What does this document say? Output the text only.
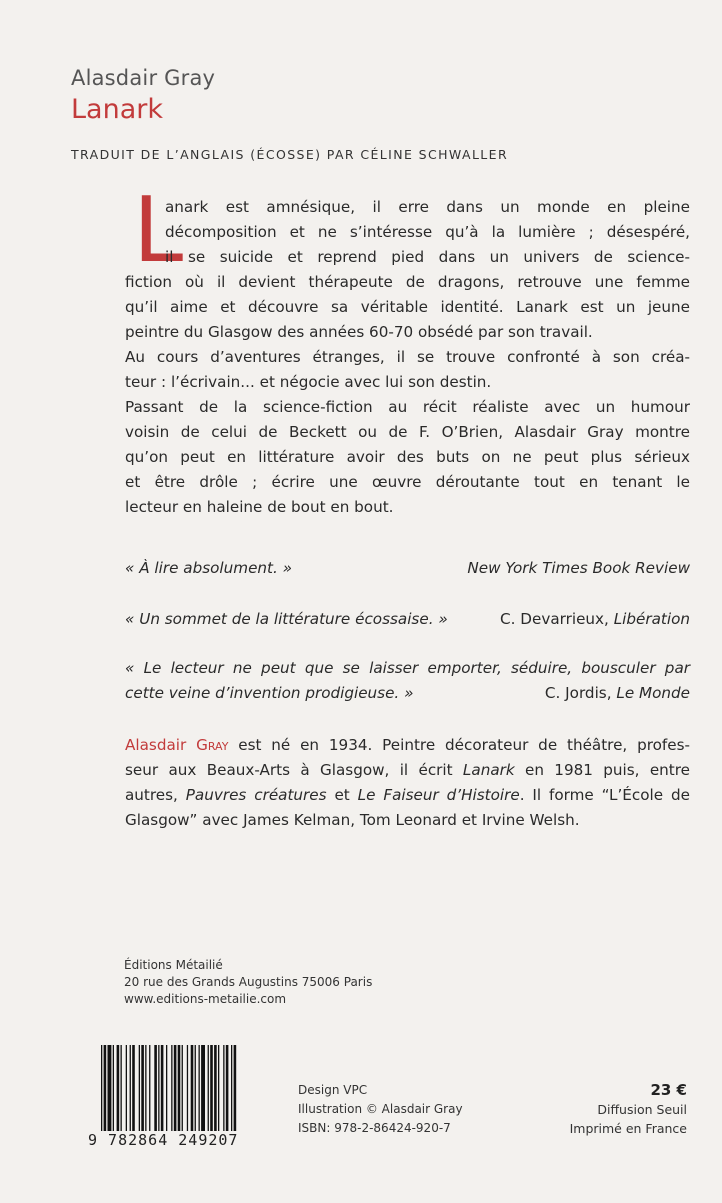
Alasdair Gray
Lanark
TRADUIT DE L’ANGLAIS (ÉCOSSE) PAR CÉLINE SCHWALLER
L
anark est amnésique, il erre dans un monde en pleine
décomposition et ne s’intéresse qu’à la lumière ; désespéré,
il se suicide et reprend pied dans un univers de science-
fiction où il devient thérapeute de dragons, retrouve une femme
qu’il aime et découvre sa véritable identité. Lanark est un jeune
peintre du Glasgow des années 60-70 obsédé par son travail.
Au cours d’aventures étranges, il se trouve confronté à son créa-
teur : l’écrivain... et négocie avec lui son destin.
Passant de la science-fiction au récit réaliste avec un humour
voisin de celui de Beckett ou de F. O’Brien, Alasdair Gray montre
qu’on peut en littérature avoir des buts on ne peut plus sérieux
et être drôle ; écrire une œuvre déroutante tout en tenant le
lecteur en haleine de bout en bout.
« À lire absolument. »	New York Times Book Review
« Un sommet de la littérature écossaise. »	C. Devarrieux, Libération
« Le lecteur ne peut que se laisser emporter, séduire, bousculer par
cette veine d’invention prodigieuse. »	C. Jordis, Le Monde
Alasdair Gray est né en 1934. Peintre décorateur de théâtre, profes-
seur aux Beaux-Arts à Glasgow, il écrit Lanark en 1981 puis, entre
autres, Pauvres créatures et Le Faiseur d’Histoire. Il forme “L’École de
Glasgow” avec James Kelman, Tom Leonard et Irvine Welsh.
Éditions Métailié
20 rue des Grands Augustins 75006 Paris
www.editions-metailie.com
9 782864 249207
Design VPC
Illustration © Alasdair Gray
ISBN: 978-2-86424-920-7
23 €
Diffusion Seuil
Imprimé en France
